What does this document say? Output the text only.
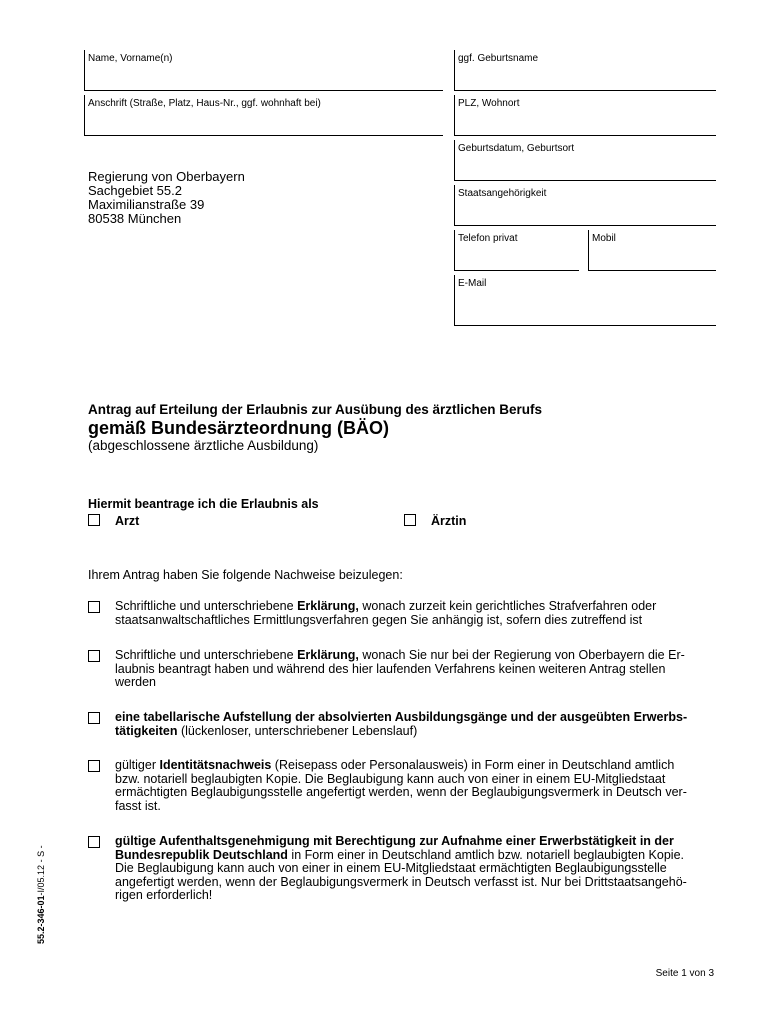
Name, Vorname(n)	ggf. Geburtsname
Anschrift (Straße, Platz, Haus-Nr., ggf. wohnhaft bei)	PLZ, Wohnort
Geburtsdatum, Geburtsort
Staatsangehörigkeit
Telefon privat	Mobil
E-Mail
Regierung von Oberbayern
Sachgebiet 55.2
Maximilianstraße 39
80538 München
Antrag auf Erteilung der Erlaubnis zur Ausübung des ärztlichen Berufs
gemäß Bundesärzteordnung (BÄO)
(abgeschlossene ärztliche Ausbildung)
Hiermit beantrage ich die Erlaubnis als
Arzt	Ärztin
Ihrem Antrag haben Sie folgende Nachweise beizulegen:
Schriftliche und unterschriebene Erklärung, wonach zurzeit kein gerichtliches Strafverfahren oder
staatsanwaltschaftliches Ermittlungsverfahren gegen Sie anhängig ist, sofern dies zutreffend ist
Schriftliche und unterschriebene Erklärung, wonach Sie nur bei der Regierung von Oberbayern die Er-
laubnis beantragt haben und während des hier laufenden Verfahrens keinen weiteren Antrag stellen
werden
eine tabellarische Aufstellung der absolvierten Ausbildungsgänge und der ausgeübten Erwerbs-
tätigkeiten (lückenloser, unterschriebener Lebenslauf)
gültiger Identitätsnachweis (Reisepass oder Personalausweis) in Form einer in Deutschland amtlich
bzw. notariell beglaubigten Kopie. Die Beglaubigung kann auch von einer in einem EU-Mitgliedstaat
ermächtigten Beglaubigungsstelle angefertigt werden, wenn der Beglaubigungsvermerk in Deutsch ver-
fasst ist.
gültige Aufenthaltsgenehmigung mit Berechtigung zur Aufnahme einer Erwerbstätigkeit in der
Bundesrepublik Deutschland in Form einer in Deutschland amtlich bzw. notariell beglaubigten Kopie.
Die Beglaubigung kann auch von einer in einem EU-Mitgliedstaat ermächtigten Beglaubigungsstelle
angefertigt werden, wenn der Beglaubigungsvermerk in Deutsch verfasst ist. Nur bei Drittstaatsangehö-
rigen erforderlich!
55.2-346-01-I/05.12 - S -
Seite 1 von 3
